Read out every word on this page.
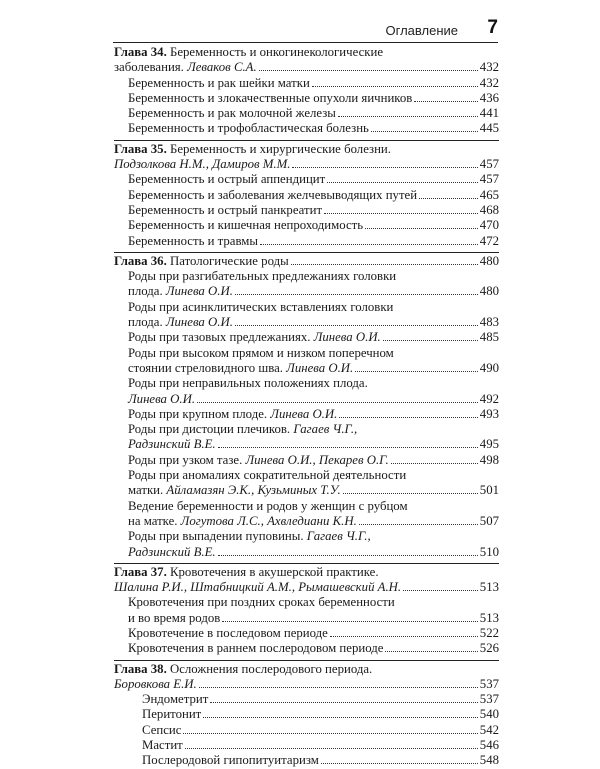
Оглавление 7
Глава 34. Беременность и онкогинекологические
заболевания. Леваков С.А.	432
Беременность и рак шейки матки	432
Беременность и злокачественные опухоли яичников	436
Беременность и рак молочной железы	441
Беременность и трофобластическая болезнь	445
Глава 35. Беременность и хирургические болезни.
Подзолкова Н.М., Дамиров М.М.	457
Беременность и острый аппендицит	457
Беременность и заболевания желчевыводящих путей	465
Беременность и острый панкреатит	468
Беременность и кишечная непроходимость	470
Беременность и травмы	472
Глава 36. Патологические роды	480
Роды при разгибательных предлежаниях головки
плода. Линева О.И.	480
Роды при асинклитических вставлениях головки
плода. Линева О.И.	483
Роды при тазовых предлежаниях. Линева О.И.	485
Роды при высоком прямом и низком поперечном
стоянии стреловидного шва. Линева О.И.	490
Роды при неправильных положениях плода.
Линева О.И.	492
Роды при крупном плоде. Линева О.И.	493
Роды при дистоции плечиков. Гагаев Ч.Г.,
Радзинский В.Е.	495
Роды при узком тазе. Линева О.И., Пекарев О.Г.	498
Роды при аномалиях сократительной деятельности
матки. Айламазян Э.К., Кузьминых Т.У.	501
Ведение беременности и родов у женщин с рубцом
на матке. Логутова Л.С., Ахвледиани К.Н.	507
Роды при выпадении пуповины. Гагаев Ч.Г.,
Радзинский В.Е.	510
Глава 37. Кровотечения в акушерской практике.
Шалина Р.И., Штабницкий А.М., Рымашевский А.Н.	513
Кровотечения при поздних сроках беременности
и во время родов	513
Кровотечение в последовом периоде	522
Кровотечения в раннем послеродовом периоде	526
Глава 38. Осложнения послеродового периода.
Боровкова Е.И.	537
Эндометрит	537
Перитонит	540
Сепсис	542
Мастит	546
Послеродовой гипопитуитаризм	548
